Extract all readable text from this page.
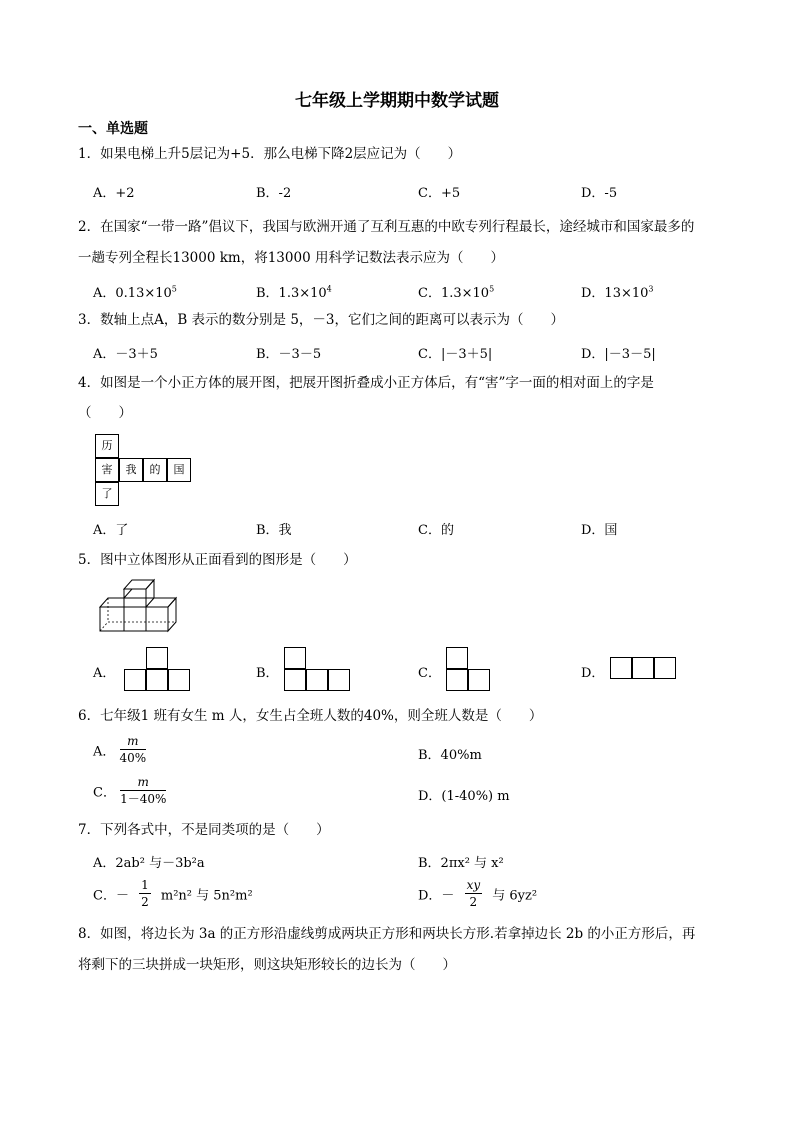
七年级上学期期中数学试题
一、单选题
1．如果电梯上升5层记为+5．那么电梯下降2层应记为（　　）
A．+2	B．-2	C．+5	D．-5
2．在国家“一带一路”倡议下，我国与欧洲开通了互利互惠的中欧专列行程最长，途经城市和国家最多的
一趟专列全程长13000 km，将13000 用科学记数法表示应为（　　）
A．$0.13\times 10^5$	B．$1.3\times 10^4$	C．$1.3\times 10^5$	D．$13\times 10^3$
3．数轴上点A，B 表示的数分别是 5，－3，它们之间的距离可以表示为（　　）
A．－3＋5	B．－3－5	C．|－3＋5|	D．|－3－5|
4．如图是一个小正方体的展开图，把展开图折叠成小正方体后，有“害”字一面的相对面上的字是
（　　）
历
害	我	的	国
了
A．了	B．我	C．的	D．国
5．图中立体图形从正面看到的图形是（　　）
A．	B．	C．	D．
6．七年级1 班有女生 m 人，女生占全班人数的40%，则全班人数是（　　）
A． $\frac{m}{40\%}$	B．40%m
C． $\frac{m}{1-40\%}$	D．(1-40%) m
7．下列各式中，不是同类项的是（　　）
A．2ab² 与－3b²a	B．2πx² 与 x²
C．－ $\frac{1}{2} m^2n^2$ 与 5n²m²	D．－ $\frac{xy}{2}$ 与 6yz²
8．如图，将边长为 3a 的正方形沿虚线剪成两块正方形和两块长方形.若拿掉边长 2b 的小正方形后，再
将剩下的三块拼成一块矩形，则这块矩形较长的边长为（　　）
